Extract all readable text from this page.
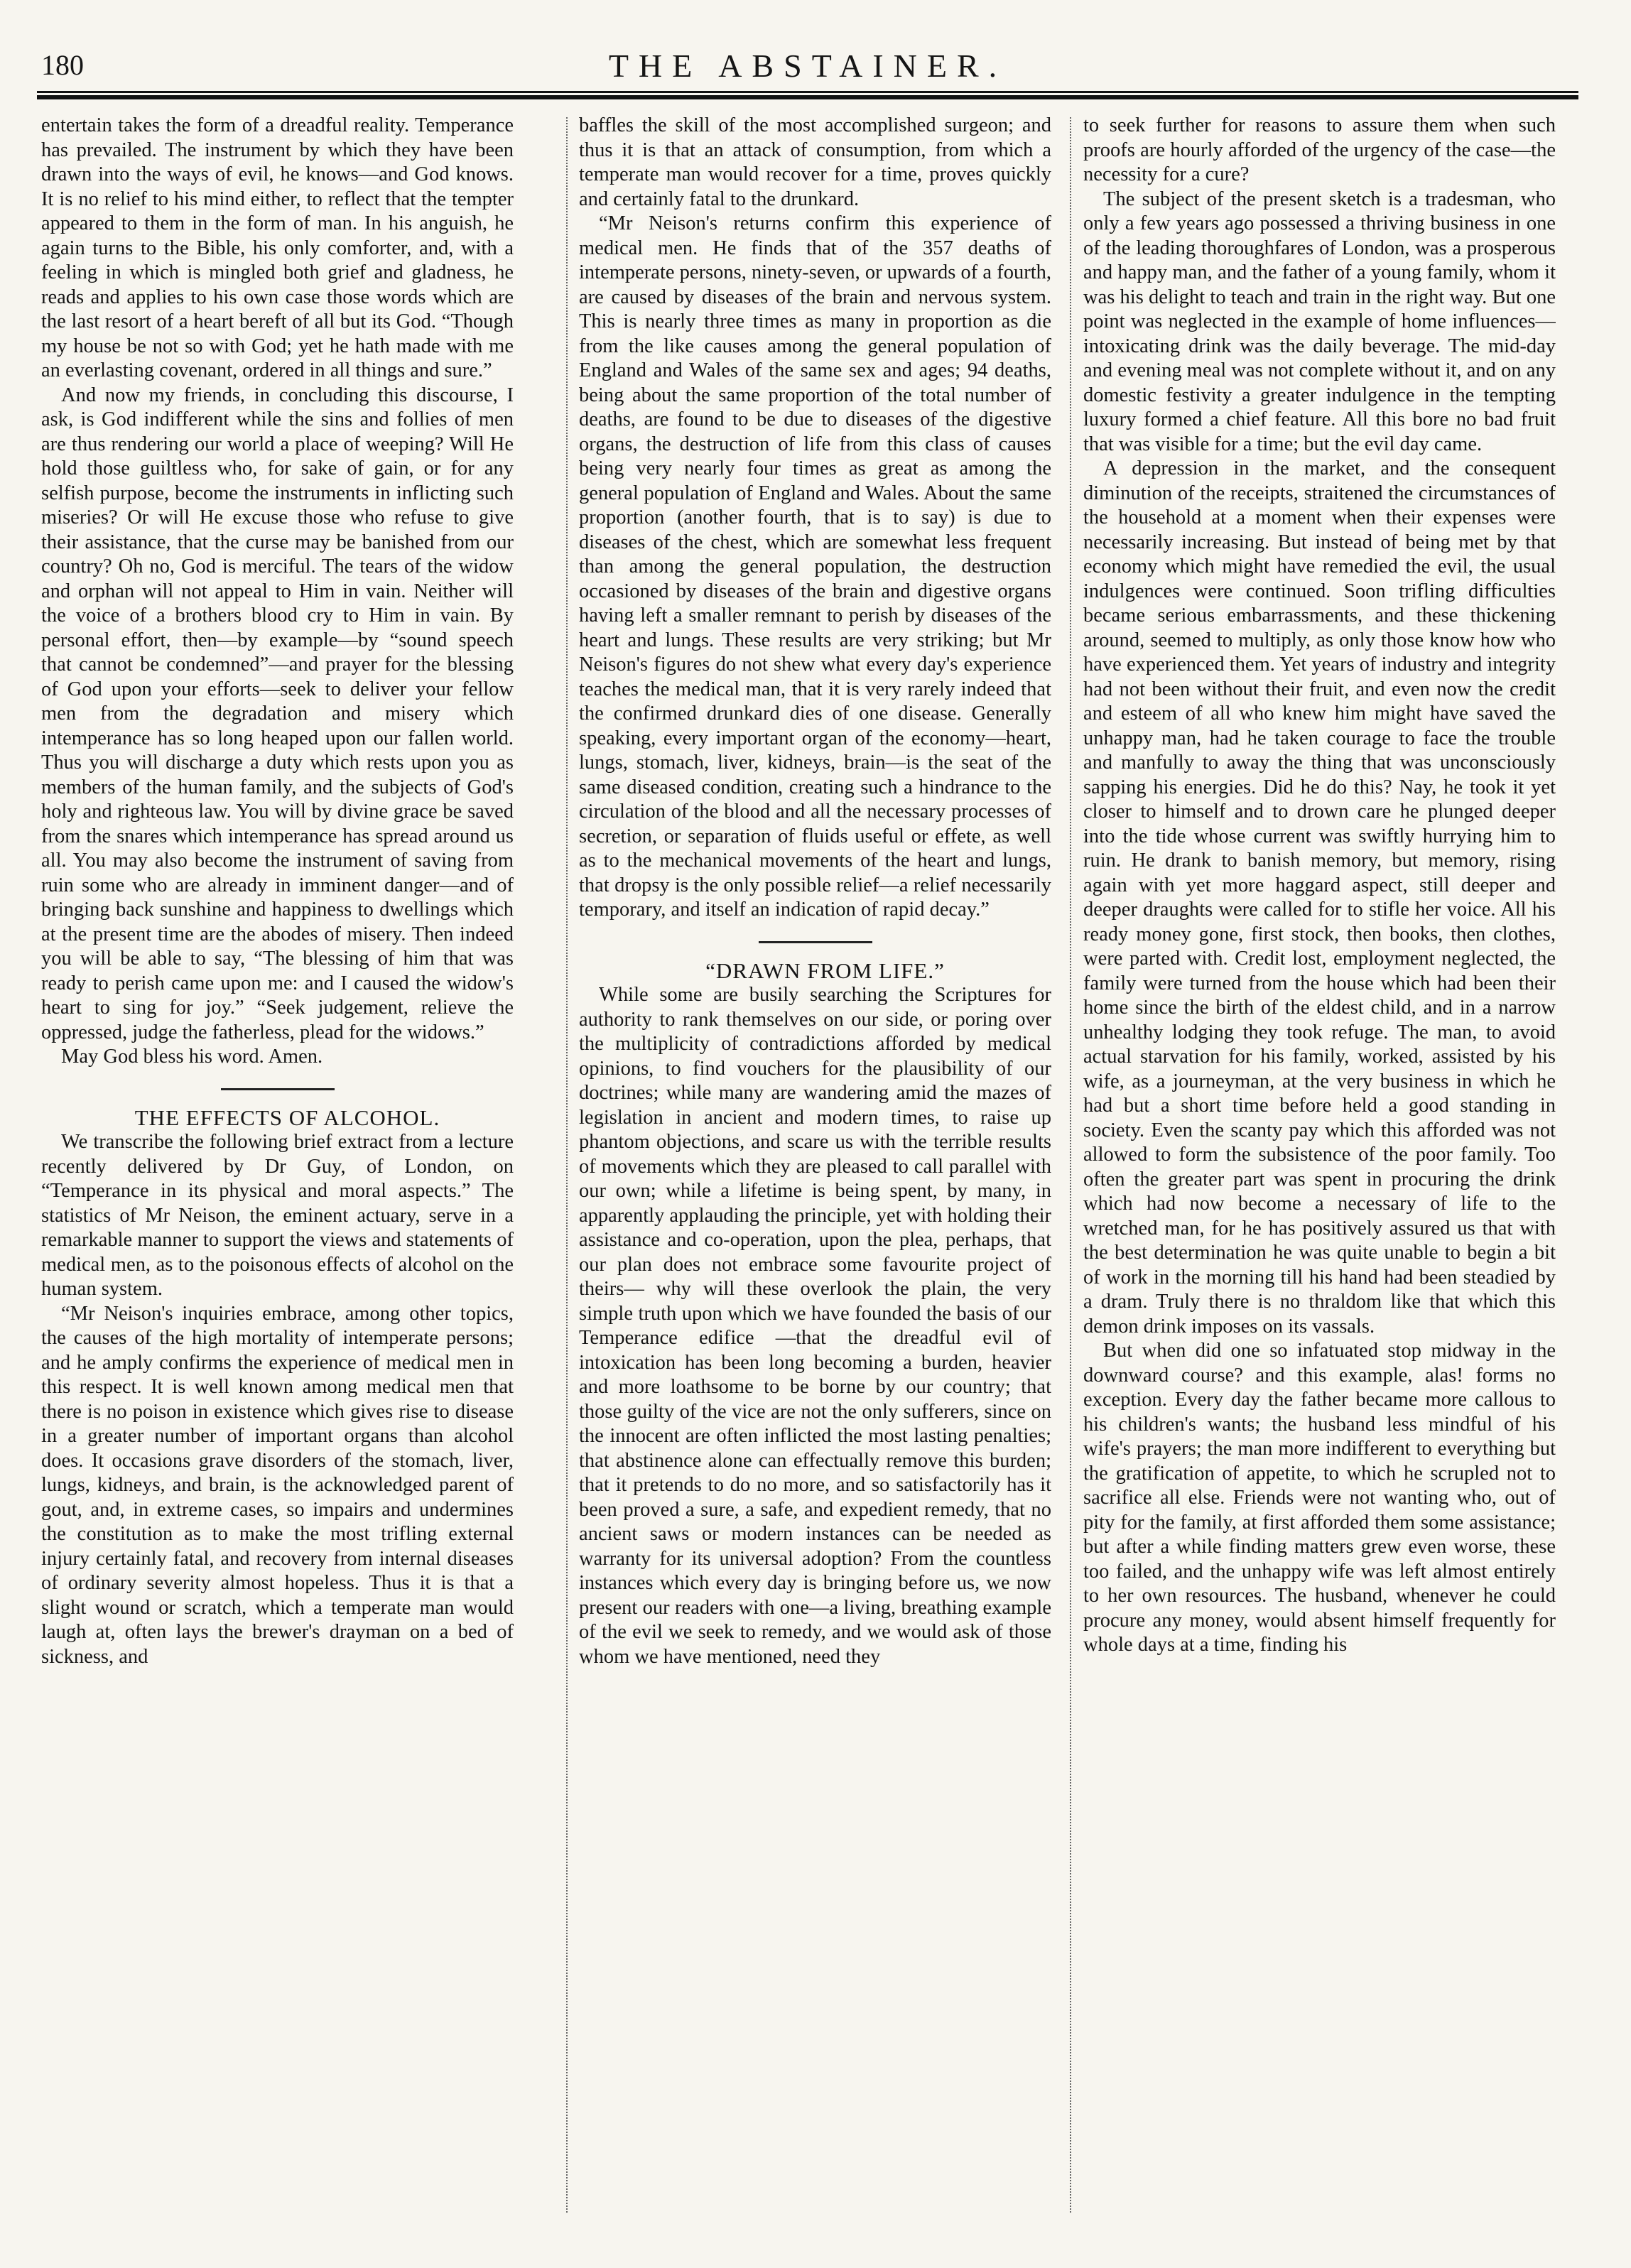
180	THE ABSTAINER.

entertain takes the form of a dreadful reality. Temperance has prevailed. The instrument by which they have been drawn into the ways of evil, he knows—and God knows. It is no relief to his mind either, to reflect that the tempter appeared to them in the form of man. In his anguish, he again turns to the Bible, his only comforter, and, with a feeling in which is mingled both grief and gladness, he reads and applies to his own case those words which are the last resort of a heart bereft of all but its God. “Though my house be not so with God; yet he hath made with me an everlasting covenant, ordered in all things and sure.”

And now my friends, in concluding this discourse, I ask, is God indifferent while the sins and follies of men are thus rendering our world a place of weeping? Will He hold those guiltless who, for sake of gain, or for any selfish purpose, become the instruments in inflicting such miseries? Or will He excuse those who refuse to give their assistance, that the curse may be banished from our country? Oh no, God is merciful. The tears of the widow and orphan will not appeal to Him in vain. Neither will the voice of a brothers blood cry to Him in vain. By personal effort, then—by example—by “sound speech that cannot be condemned”—and prayer for the blessing of God upon your efforts—seek to deliver your fellow men from the degradation and misery which intemperance has so long heaped upon our fallen world. Thus you will discharge a duty which rests upon you as members of the human family, and the subjects of God's holy and righteous law. You will by divine grace be saved from the snares which intemperance has spread around us all. You may also become the instrument of saving from ruin some who are already in imminent danger—and of bringing back sunshine and happiness to dwellings which at the present time are the abodes of misery. Then indeed you will be able to say, “The blessing of him that was ready to perish came upon me: and I caused the widow's heart to sing for joy.” “Seek judgement, relieve the oppressed, judge the fatherless, plead for the widows.”

May God bless his word. Amen.

THE EFFECTS OF ALCOHOL.

We transcribe the following brief extract from a lecture recently delivered by Dr Guy, of London, on “Temperance in its physical and moral aspects.” The statistics of Mr Neison, the eminent actuary, serve in a remarkable manner to support the views and statements of medical men, as to the poisonous effects of alcohol on the human system.

“Mr Neison's inquiries embrace, among other topics, the causes of the high mortality of intemperate persons; and he amply confirms the experience of medical men in this respect. It is well known among medical men that there is no poison in existence which gives rise to disease in a greater number of important organs than alcohol does. It occasions grave disorders of the stomach, liver, lungs, kidneys, and brain, is the acknowledged parent of gout, and, in extreme cases, so impairs and undermines the constitution as to make the most trifling external injury certainly fatal, and recovery from internal diseases of ordinary severity almost hopeless. Thus it is that a slight wound or scratch, which a temperate man would laugh at, often lays the brewer's drayman on a bed of sickness, and

baffles the skill of the most accomplished surgeon; and thus it is that an attack of consumption, from which a temperate man would recover for a time, proves quickly and certainly fatal to the drunkard.

“Mr Neison's returns confirm this experience of medical men. He finds that of the 357 deaths of intemperate persons, ninety-seven, or upwards of a fourth, are caused by diseases of the brain and nervous system. This is nearly three times as many in proportion as die from the like causes among the general population of England and Wales of the same sex and ages; 94 deaths, being about the same proportion of the total number of deaths, are found to be due to diseases of the digestive organs, the destruction of life from this class of causes being very nearly four times as great as among the general population of England and Wales. About the same proportion (another fourth, that is to say) is due to diseases of the chest, which are somewhat less frequent than among the general population, the destruction occasioned by diseases of the brain and digestive organs having left a smaller remnant to perish by diseases of the heart and lungs. These results are very striking; but Mr Neison's figures do not shew what every day's experience teaches the medical man, that it is very rarely indeed that the confirmed drunkard dies of one disease. Generally speaking, every important organ of the economy—heart, lungs, stomach, liver, kidneys, brain—is the seat of the same diseased condition, creating such a hindrance to the circulation of the blood and all the necessary processes of secretion, or separation of fluids useful or effete, as well as to the mechanical movements of the heart and lungs, that dropsy is the only possible relief—a relief necessarily temporary, and itself an indication of rapid decay.”

“DRAWN FROM LIFE.”

While some are busily searching the Scriptures for authority to rank themselves on our side, or poring over the multiplicity of contradictions afforded by medical opinions, to find vouchers for the plausibility of our doctrines; while many are wandering amid the mazes of legislation in ancient and modern times, to raise up phantom objections, and scare us with the terrible results of movements which they are pleased to call parallel with our own; while a lifetime is being spent, by many, in apparently applauding the principle, yet with holding their assistance and co-operation, upon the plea, perhaps, that our plan does not embrace some favourite project of theirs— why will these overlook the plain, the very simple truth upon which we have founded the basis of our Temperance edifice —that the dreadful evil of intoxication has been long becoming a burden, heavier and more loathsome to be borne by our country; that those guilty of the vice are not the only sufferers, since on the innocent are often inflicted the most lasting penalties; that abstinence alone can effectually remove this burden; that it pretends to do no more, and so satisfactorily has it been proved a sure, a safe, and expedient remedy, that no ancient saws or modern instances can be needed as warranty for its universal adoption? From the countless instances which every day is bringing before us, we now present our readers with one—a living, breathing example of the evil we seek to remedy, and we would ask of those whom we have mentioned, need they

to seek further for reasons to assure them when such proofs are hourly afforded of the urgency of the case—the necessity for a cure?

The subject of the present sketch is a tradesman, who only a few years ago possessed a thriving business in one of the leading thoroughfares of London, was a prosperous and happy man, and the father of a young family, whom it was his delight to teach and train in the right way. But one point was neglected in the example of home influences—intoxicating drink was the daily beverage. The mid-day and evening meal was not complete without it, and on any domestic festivity a greater indulgence in the tempting luxury formed a chief feature. All this bore no bad fruit that was visible for a time; but the evil day came.

A depression in the market, and the consequent diminution of the receipts, straitened the circumstances of the household at a moment when their expenses were necessarily increasing. But instead of being met by that economy which might have remedied the evil, the usual indulgences were continued. Soon trifling difficulties became serious embarrassments, and these thickening around, seemed to multiply, as only those know how who have experienced them. Yet years of industry and integrity had not been without their fruit, and even now the credit and esteem of all who knew him might have saved the unhappy man, had he taken courage to face the trouble and manfully to away the thing that was unconsciously sapping his energies. Did he do this? Nay, he took it yet closer to himself and to drown care he plunged deeper into the tide whose current was swiftly hurrying him to ruin. He drank to banish memory, but memory, rising again with yet more haggard aspect, still deeper and deeper draughts were called for to stifle her voice. All his ready money gone, first stock, then books, then clothes, were parted with. Credit lost, employment neglected, the family were turned from the house which had been their home since the birth of the eldest child, and in a narrow unhealthy lodging they took refuge. The man, to avoid actual starvation for his family, worked, assisted by his wife, as a journeyman, at the very business in which he had but a short time before held a good standing in society. Even the scanty pay which this afforded was not allowed to form the subsistence of the poor family. Too often the greater part was spent in procuring the drink which had now become a necessary of life to the wretched man, for he has positively assured us that with the best determination he was quite unable to begin a bit of work in the morning till his hand had been steadied by a dram. Truly there is no thraldom like that which this demon drink imposes on its vassals.

But when did one so infatuated stop midway in the downward course? and this example, alas! forms no exception. Every day the father became more callous to his children's wants; the husband less mindful of his wife's prayers; the man more indifferent to everything but the gratification of appetite, to which he scrupled not to sacrifice all else. Friends were not wanting who, out of pity for the family, at first afforded them some assistance; but after a while finding matters grew even worse, these too failed, and the unhappy wife was left almost entirely to her own resources. The husband, whenever he could procure any money, would absent himself frequently for whole days at a time, finding his
